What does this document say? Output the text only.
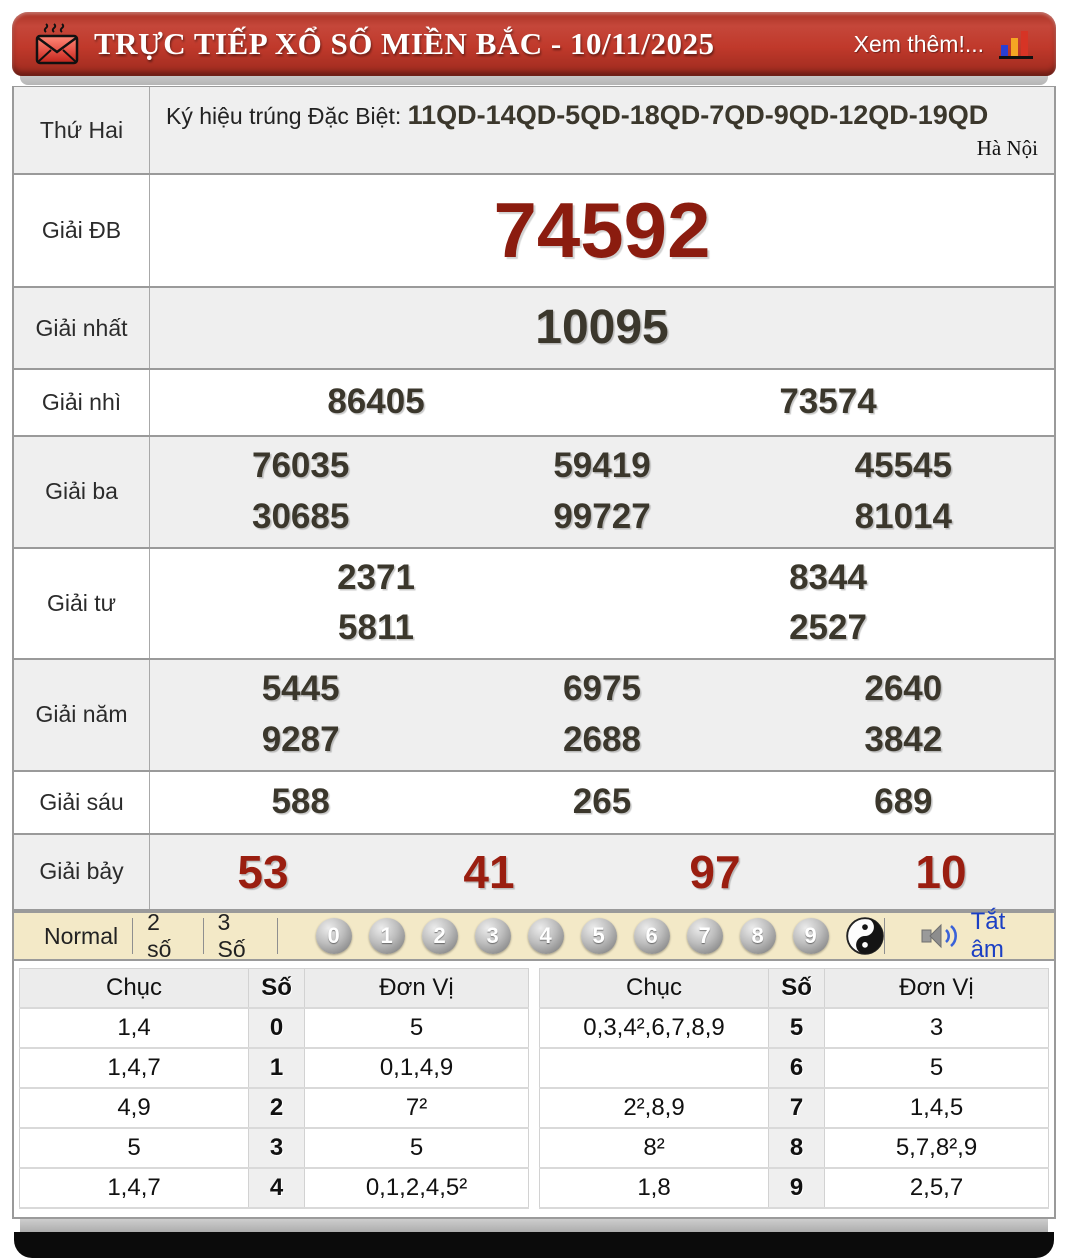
TRỰC TIẾP XỔ SỐ MIỀN BẮC - 10/11/2025	Xem thêm!...
Thứ Hai
Ký hiệu trúng Đặc Biệt: 11QD-14QD-5QD-18QD-7QD-9QD-12QD-19QD
Hà Nội
Giải ĐB	74592
Giải nhất	10095
Giải nhì	86405	73574
Giải ba
76035	59419	45545
30685	99727	81014
Giải tư
2371	8344
5811	2527
Giải năm
5445	6975	2640
9287	2688	3842
Giải sáu	588	265	689
Giải bảy	53	41	97	10
Normal
2 số
3 Số
0	1	2	3	4	5	6	7	8	9
Tắt âm
Chục	Số	Đơn Vị
1,4	0	5
1,4,7	1	0,1,4,9
4,9	2	7²
5	3	5
1,4,7	4	0,1,2,4,5²
Chục	Số	Đơn Vị
0,3,4²,6,7,8,9	5	3
	6	5
2²,8,9	7	1,4,5
8²	8	5,7,8²,9
1,8	9	2,5,7
